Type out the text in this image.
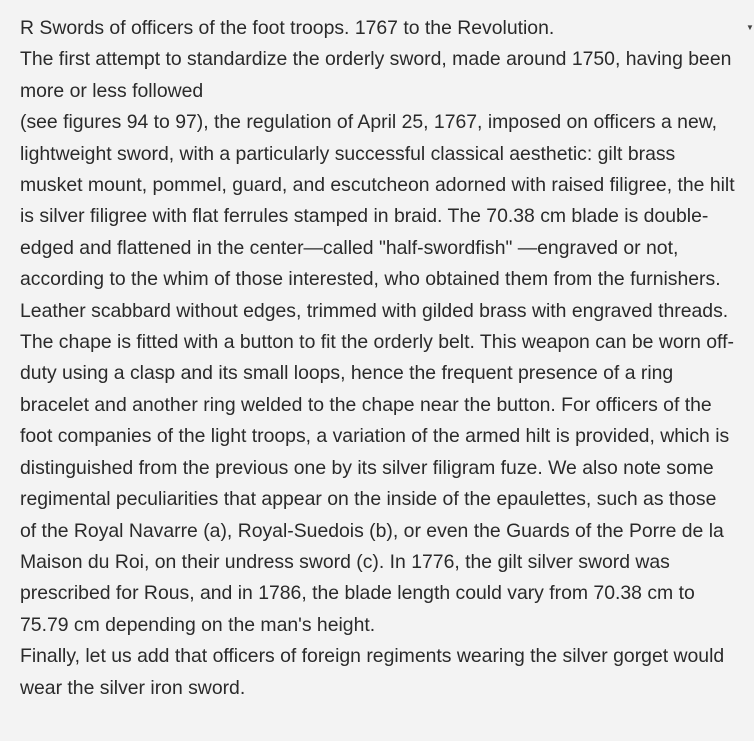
R Swords of officers of the foot troops. 1767 to the Revolution.

The first attempt to standardize the orderly sword, made around 1750, having been more or less followed

(see figures 94 to 97), the regulation of April 25, 1767, imposed on officers a new, lightweight sword, with a particularly successful classical aesthetic: gilt brass musket mount, pommel, guard, and escutcheon adorned with raised filigree, the hilt is silver filigree with flat ferrules stamped in braid. The 70.38 cm blade is double-edged and flattened in the center—called "half-swordfish" —engraved or not, according to the whim of those interested, who obtained them from the furnishers. Leather scabbard without edges, trimmed with gilded brass with engraved threads. The chape is fitted with a button to fit the orderly belt. This weapon can be worn off-duty using a clasp and its small loops, hence the frequent presence of a ring bracelet and another ring welded to the chape near the button. For officers of the foot companies of the light troops, a variation of the armed hilt is provided, which is distinguished from the previous one by its silver filigram fuze. We also note some regimental peculiarities that appear on the inside of the epaulettes, such as those of the Royal Navarre (a), Royal-Suedois (b), or even the Guards of the Porre de la Maison du Roi, on their undress sword (c). In 1776, the gilt silver sword was prescribed for Rous, and in 1786, the blade length could vary from 70.38 cm to 75.79 cm depending on the man's height.

Finally, let us add that officers of foreign regiments wearing the silver gorget would wear the silver iron sword.

▼
